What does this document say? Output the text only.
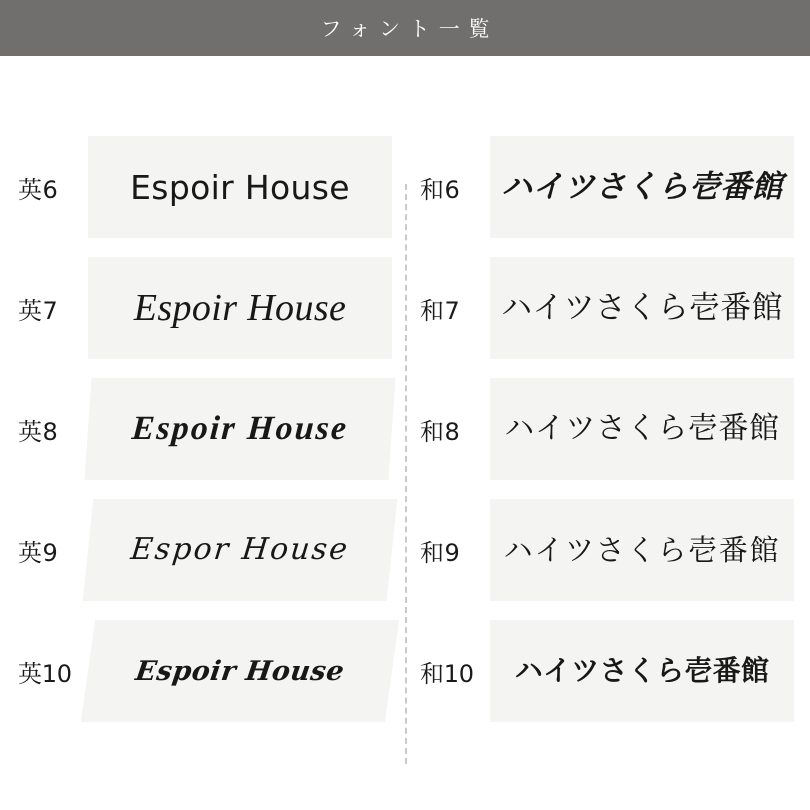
フォント一覧
英6	Espoir House
英7	Espoir House
英8	Espoir House
英9	Espor House
英10	Espoir House
和6	ハイツさくら壱番館
和7	ハイツさくら壱番館
和8	ハイツさくら壱番館
和9	ハイツさくら壱番館
和10	ハイツさくら壱番館
